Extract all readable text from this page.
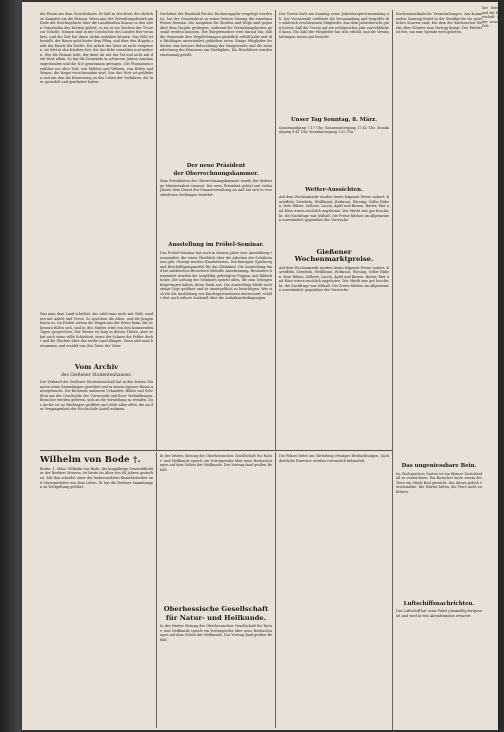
der Raum aus dem Gesichtskreis. Er hält in den Kreis des ehrlichen Kampfes um die Heimat. Wenn nun der Verwaltungsbezirk am Ende der Reichsgebiete über die Landstraßen hinaus zu den alten Gemeinden des Kreises gehört, so ist es ein Zeichen der Treue zur Scholle. Namen sind in der Geschichte des Landes fest verankert, und die Zeit hat ihnen nichts anhaben können. Das Feld ist bestellt, der Bauer geht hinter dem Pflug, und über den Hügeln zieht der Rauch der Dörfer. Die Arbeit der Väter ist nicht vergessen, sie lebt in den Kindern fort, die das Erbe verwalten und mehren. Wer die Heimat liebt, der dient ihr mit der Tat und nicht mit dem Wort allein. So hat die Gemeinde in schweren Jahren zusammengestanden und die Not gemeinsam getragen. Die Flurnamen erzählen von alter Zeit, von Mühlen und Wehren, von Höfen und Wegen, die längst verschwunden sind. Nur das Wort ist geblieben und mit ihm die Erinnerung an das Leben der Vorfahren, die hier gesiedelt und gearbeitet haben.
Was man dem Land schuldet, das zahlt man nicht mit Geld, sondern mit Arbeit und Treue. So sprechen die Alten, und die Jungen hören es. Im Herbst ziehen die Wagen mit der Ernte heim, die Scheunen füllen sich, und in den Stuben wird von den kommenden Tagen gesprochen. Der Winter ist lang in diesen Tälern, aber er hat auch seine stille Schönheit, wenn der Schnee die Felder deckt und die Glocken über das weiße Land klingen. Dann sitzt man beisammen und erzählt von den Taten der Väter.
Vom Archiv
des Gießener Studentenhauses.
Der Verband der Gießener Studentenschaft hat in den letzten Monaten seine Sammlungen geordnet und in einem eigenen Raum untergebracht. Die Bestände umfassen Urkunden, Bilder und Schriften aus der Geschichte der Universität und ihrer Verbindungen. Besucher werden gebeten, sich an die Verwaltung zu wenden. Das Archiv ist an Werktagen geöffnet und steht allen offen, die an der Vergangenheit der Hochschule Anteil nehmen.
Nachdem der Haushalt für das Rechnungsjahr vorgelegt worden ist, hat der Gemeinderat in seiner letzten Sitzung die einzelnen Posten beraten. Die Ausgaben für Straßen und Wege sind gegenüber dem Vorjahr gestiegen, während die Verwaltungskosten gesenkt werden konnten. Der Bürgermeister wies darauf hin, daß die Gemeinde ihre Verpflichtungen pünktlich erfüllt habe und die Rücklagen unverändert geblieben seien. Einige Mitglieder forderten eine bessere Beleuchtung der Hauptstraße und die Instandsetzung des Brunnens am Marktplatz. Die Beschlüsse wurden einstimmig gefaßt.
Der neue Präsident
der Oberrechnungskammer.
Zum Präsidenten der Oberrechnungskammer wurde der bisherige Ministerialrat ernannt. Der neue Präsident gehört seit vielen Jahren dem Dienst der Finanzverwaltung an und hat sich in verschiedenen Stellungen bewährt.
Ausstellung im Fröbel-Seminar.
Das Fröbel-Seminar hat auch in diesem Jahre eine Ausstellung veranstaltet, die einen Überblick über die Arbeiten der Schülerinnen gibt. Gezeigt werden Handarbeiten, Zeichnungen, Spielzeug und Beschäftigungsmittel für das Kleinkind. Die Ausstellung fand bei zahlreichen Besuchern lebhafte Anerkennung. Besonders bewundert wurden die sorgfältig gefertigten Puppen und Bilderbücher. Die Leitung des Seminars spricht allen, die zum Gelingen beigetragen haben, ihren Dank aus. Die Ausstellung bleibt noch einige Tage geöffnet und ist unentgeltlich zu besichtigen. Wer sich für die Ausbildung von Kindergärtnerinnen interessiert, erhält dort auch nähere Auskunft über die Aufnahmebedingungen.
Der Verein hielt am Sonntag seine Jahreshauptversammlung ab. Der Vorsitzende eröffnete die Versammlung und begrüßte die zahlreich erschienenen Mitglieder. Aus dem Jahresbericht ging hervor, daß der Verein auf ein erfolgreiches Jahr zurückblicken kann. Die Zahl der Mitglieder hat sich erhöht, und die Veranstaltungen waren gut besucht.
Unser Tag Sonntag, 8. März.
Sonnenaufgang 7.17 Uhr, Sonnenuntergang 17.43 Uhr. Mondaufgang 9.41 Uhr, Monduntergang 1.05 Uhr.
Wetter-Aussichten.
Auf dem Wochenmarkt wurden heute folgende Preise notiert: Kartoffeln, Zwiebeln, Weißkraut, Rotkraut, Wirsing, Gelbe Rüben, Rote Rüben, Sellerie, Lauch, Äpfel und Birnen. Butter, Eier und Käse waren reichlich angeboten. Der Markt war gut beschickt, die Nachfrage war lebhaft. Die Preise blieben im allgemeinen unverändert gegenüber der Vorwoche.
Gießener Wochenmarktpreise.
Auf dem Wochenmarkt wurden heute folgende Preise notiert: Kartoffeln, Zwiebeln, Weißkraut, Rotkraut, Wirsing, Gelbe Rüben, Rote Rüben, Sellerie, Lauch, Äpfel und Birnen. Butter, Eier und Käse waren reichlich angeboten. Der Markt war gut beschickt, die Nachfrage war lebhaft. Die Preise blieben im allgemeinen unverändert gegenüber der Vorwoche.
Kirchenmusikalische Veranstaltungen. Am kommenden Sonntag findet in der Stadtkirche ein geistliches Konzert statt, bei dem der Kirchenchor Werke alter Meister zum Vortrag bringt. Der Eintritt ist frei, um eine Spende wird gebeten.
Das ungeniessbare Bein.
Im Zoologischen Garten ist ein kleiner Zwischenfall zu verzeichnen. Ein Besucher hatte einem der Tiere ein Stück Brot gereicht, das dieses jedoch verschmähte. Die Wärter bitten, die Tiere nicht zu füttern.
Luftschiffsnachrichten.
Das Luftschiff hat seine Fahrt planmäßig fortgesetzt und wird in den Abendstunden erwartet.
Der Krieg und die Wirtschaft in der neuen Zeit.
Wilhelm von Bode †.
Berlin, 1. März. Wilhelm von Bode, der langjährige Generaldirektor der Berliner Museen, ist heute im Alter von 84 Jahren gestorben. Mit ihm scheidet einer der bedeutendsten Kunsthistoriker und Museumsleiter aus dem Leben. Er hat die Berliner Sammlungen zu Weltgeltung geführt.
In der letzten Sitzung der Oberhessischen Gesellschaft für Natur- und Heilkunde sprach ein Vortragender über neue Beobachtungen auf dem Gebiet der Heilkunde. Der Vortrag fand großen Beifall.
Oberhessische Gesellschaft
für Natur- und Heilkunde.
In der letzten Sitzung der Oberhessischen Gesellschaft für Natur- und Heilkunde sprach ein Vortragender über neue Beobachtungen auf dem Gebiet der Heilkunde. Der Vortrag fand großen Beifall.
Die Polizei bittet um Mitteilung etwaiger Beobachtungen. Sachdienliche Hinweise werden vertraulich behandelt.
